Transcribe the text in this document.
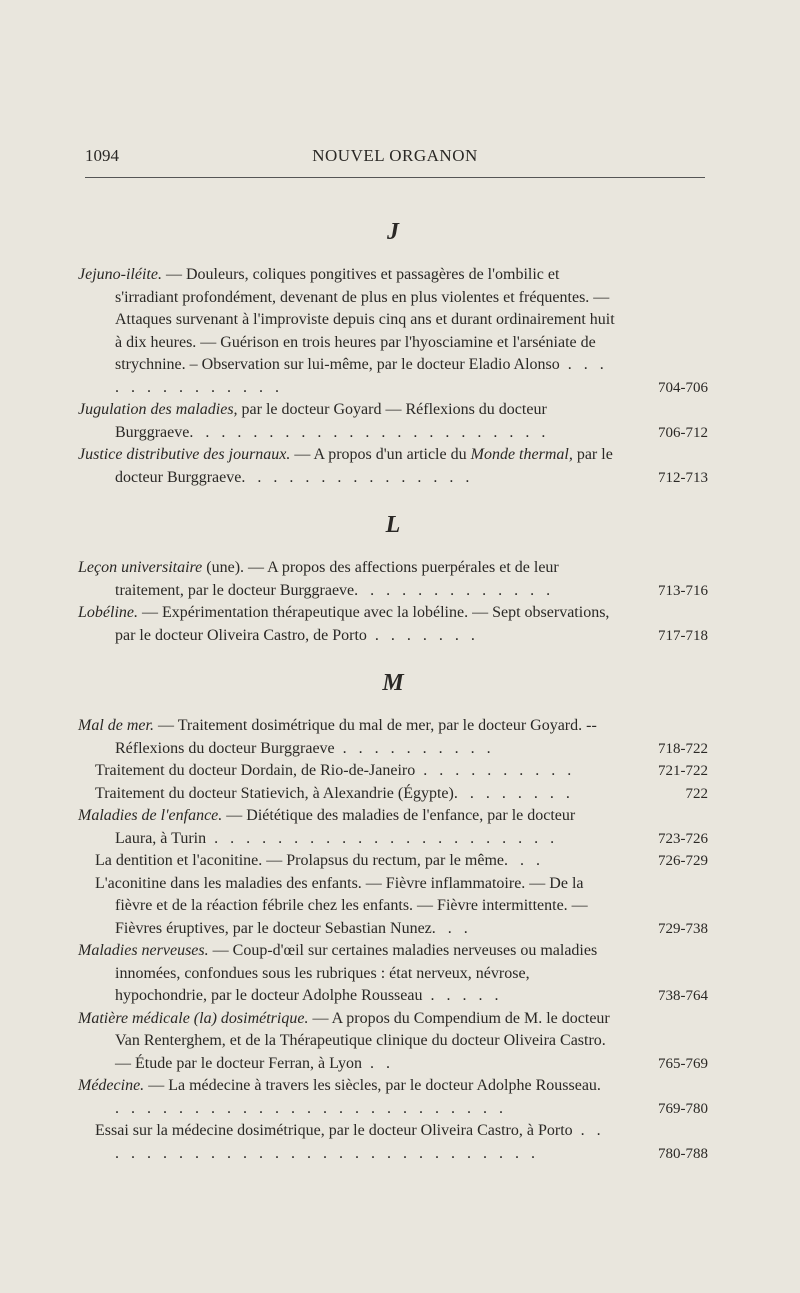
1094	NOUVEL ORGANON
J
Jejuno-iléite. — Douleurs, coliques pongitives et passagères de l'ombilic et s'irradiant profondément, devenant de plus en plus violentes et fréquentes. — Attaques survenant à l'improviste depuis cinq ans et durant ordinairement huit à dix heures. — Guérison en trois heures par l'hyosciamine et l'arséniate de strychnine. – Observation sur lui-même, par le docteur Eladio Alonso . . . . . . . . . . . . . .	704-706
Jugulation des maladies, par le docteur Goyard — Réflexions du docteur Burggraeve. . . . . . . . . . . . . . . . . . . . . . .	706-712
Justice distributive des journaux. — A propos d'un article du Monde thermal, par le docteur Burggraeve. . . . . . . . . . . . . . .	712-713
L
Leçon universitaire (une). — A propos des affections puerpérales et de leur traitement, par le docteur Burggraeve. . . . . . . . . . . . .	713-716
Lobéline. — Expérimentation thérapeutique avec la lobéline. — Sept observations, par le docteur Oliveira Castro, de Porto . . . . . . .	717-718
M
Mal de mer. — Traitement dosimétrique du mal de mer, par le docteur Goyard. -- Réflexions du docteur Burggraeve . . . . . . . . . .	718-722
Traitement du docteur Dordain, de Rio-de-Janeiro . . . . . . . . . .	721-722
Traitement du docteur Statievich, à Alexandrie (Égypte). . . . . . . .	722
Maladies de l'enfance. — Diététique des maladies de l'enfance, par le docteur Laura, à Turin . . . . . . . . . . . . . . . . . . . . . .	723-726
La dentition et l'aconitine. — Prolapsus du rectum, par le même. . .	726-729
L'aconitine dans les maladies des enfants. — Fièvre inflammatoire. — De la fièvre et de la réaction fébrile chez les enfants. — Fièvre intermittente. — Fièvres éruptives, par le docteur Sebastian Nunez. . .	729-738
Maladies nerveuses. — Coup-d'œil sur certaines maladies nerveuses ou maladies innomées, confondues sous les rubriques : état nerveux, névrose, hypochondrie, par le docteur Adolphe Rousseau . . . . .	738-764
Matière médicale (la) dosimétrique. — A propos du Compendium de M. le docteur Van Renterghem, et de la Thérapeutique clinique du docteur Oliveira Castro. — Étude par le docteur Ferran, à Lyon . .	765-769
Médecine. — La médecine à travers les siècles, par le docteur Adolphe Rousseau. . . . . . . . . . . . . . . . . . . . . . . . . .	769-780
Essai sur la médecine dosimétrique, par le docteur Oliveira Castro, à Porto . . . . . . . . . . . . . . . . . . . . . . . . . . . . .	780-788
